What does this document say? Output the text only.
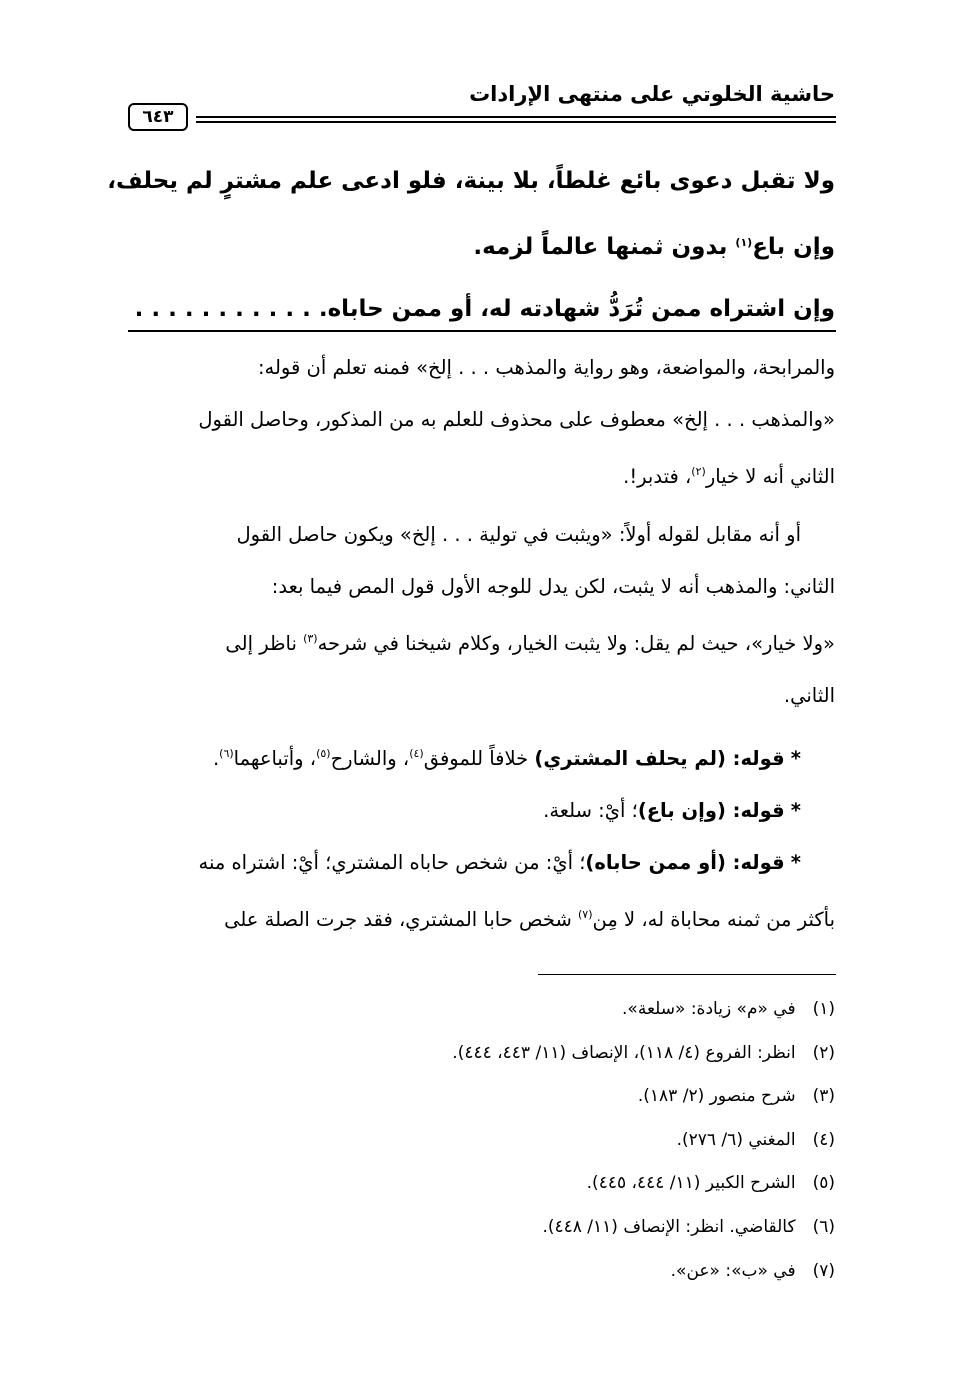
حاشية الخلوتي على منتهى الإرادات
٦٤٣

ولا تقبل دعوى بائع غلطاً، بلا بينة، فلو ادعى علم مشترٍ لم يحلف،

وإن باع$^{(١)}$ بدون ثمنها عالماً لزمه.

وإن اشتراه ممن تُرَدُّ شهادته له، أو ممن حاباه. . . . . . . . . . . .

والمرابحة، والمواضعة، وهو رواية والمذهب . . . إلخ» فمنه تعلم أن قوله:

«والمذهب . . . إلخ» معطوف على محذوف للعلم به من المذكور، وحاصل القول

الثاني أنه لا خيار$^{(٢)}$، فتدبر!.

أو أنه مقابل لقوله أولاً: «ويثبت في تولية . . . إلخ» ويكون حاصل القول

الثاني: والمذهب أنه لا يثبت، لكن يدل للوجه الأول قول المص فيما بعد:

«ولا خيار»، حيث لم يقل: ولا يثبت الخيار، وكلام شيخنا في شرحه$^{(٣)}$ ناظر إلى

الثاني.

* قوله: (لم يحلف المشتري) خلافاً للموفق$^{(٤)}$، والشارح$^{(٥)}$، وأتباعهما$^{(٦)}$.

* قوله: (وإن باع)؛ أيْ: سلعة.

* قوله: (أو ممن حاباه)؛ أيْ: من شخص حاباه المشتري؛ أيْ: اشتراه منه

بأكثر من ثمنه محاباة له، لا مِن$^{(٧)}$ شخص حابا المشتري، فقد جرت الصلة على

(١) في «م» زيادة: «سلعة».
(٢) انظر: الفروع (٤/ ١١٨)، الإنصاف (١١/ ٤٤٣، ٤٤٤).
(٣) شرح منصور (٢/ ١٨٣).
(٤) المغني (٦/ ٢٧٦).
(٥) الشرح الكبير (١١/ ٤٤٤، ٤٤٥).
(٦) كالقاضي. انظر: الإنصاف (١١/ ٤٤٨).
(٧) في «ب»: «عن».
